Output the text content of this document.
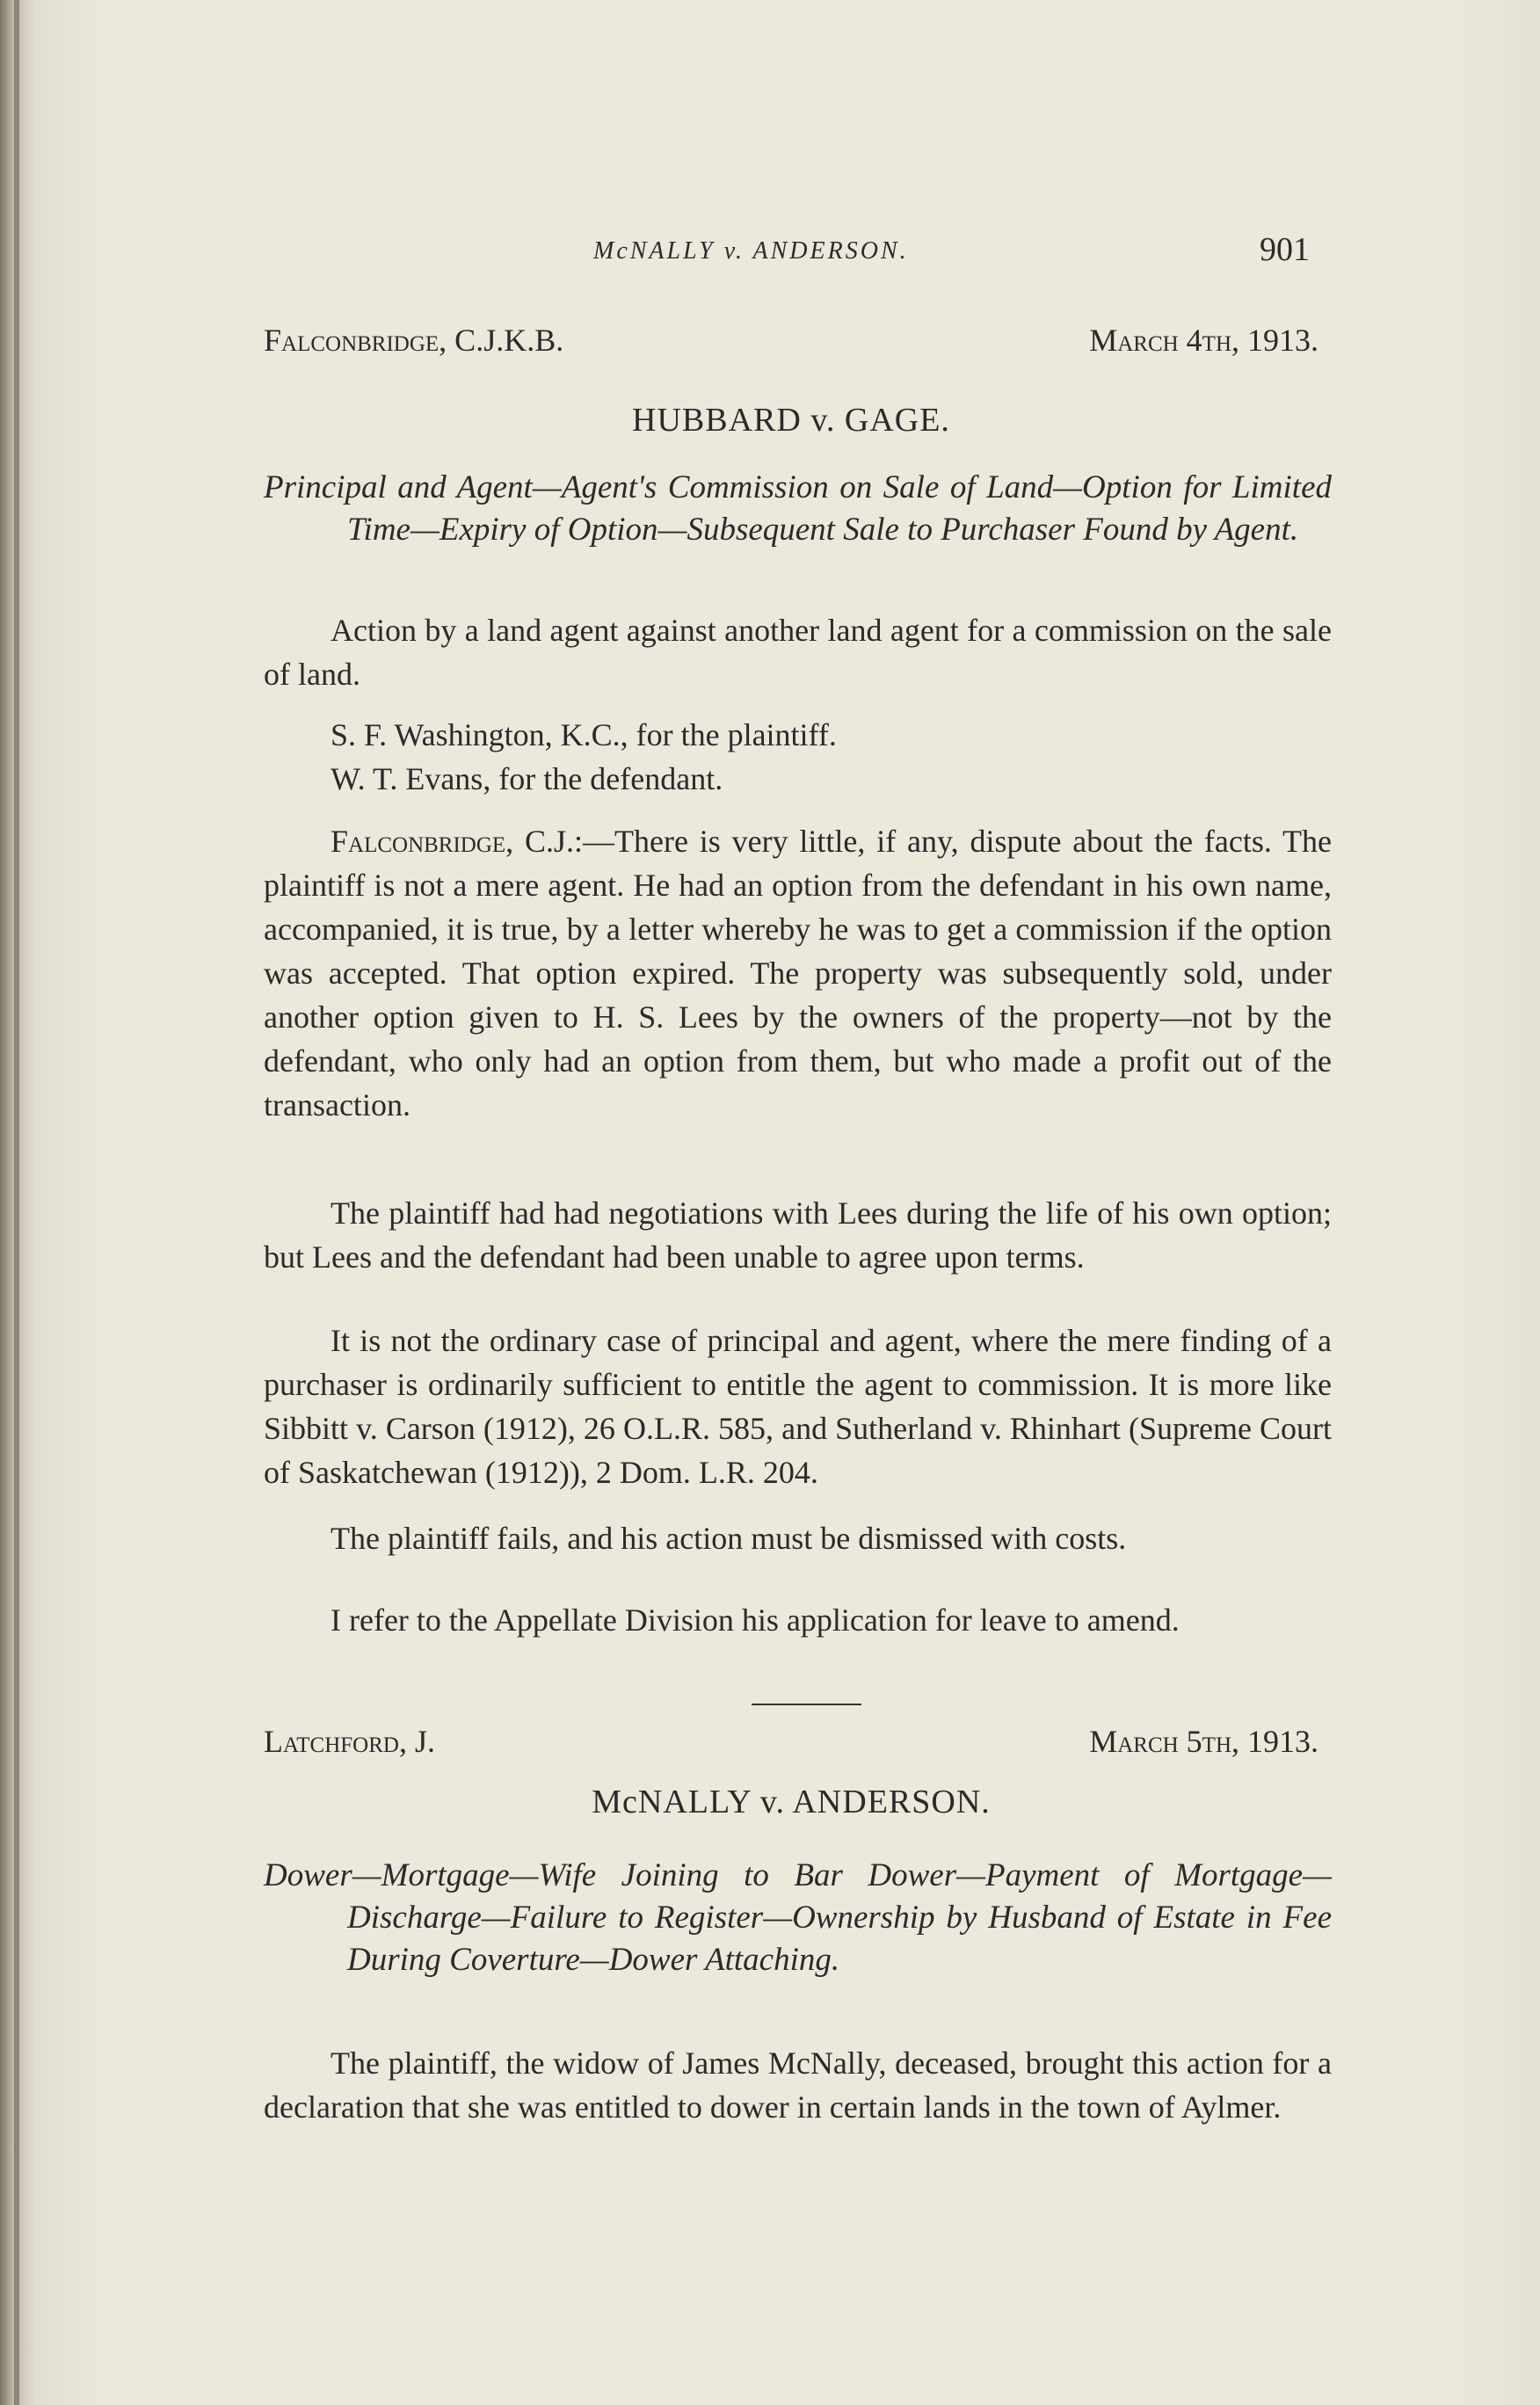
McNALLY v. ANDERSON.	901
Falconbridge, C.J.K.B.	March 4th, 1913.
HUBBARD v. GAGE.
Principal and Agent—Agent's Commission on Sale of Land—Option for Limited Time—Expiry of Option—Subsequent Sale to Purchaser Found by Agent.
Action by a land agent against another land agent for a commission on the sale of land.
S. F. Washington, K.C., for the plaintiff.
W. T. Evans, for the defendant.
Falconbridge, C.J.:—There is very little, if any, dispute about the facts. The plaintiff is not a mere agent. He had an option from the defendant in his own name, accompanied, it is true, by a letter whereby he was to get a commission if the option was accepted. That option expired. The property was subsequently sold, under another option given to H. S. Lees by the owners of the property—not by the defendant, who only had an option from them, but who made a profit out of the transaction.
The plaintiff had had negotiations with Lees during the life of his own option; but Lees and the defendant had been unable to agree upon terms.
It is not the ordinary case of principal and agent, where the mere finding of a purchaser is ordinarily sufficient to entitle the agent to commission. It is more like Sibbitt v. Carson (1912), 26 O.L.R. 585, and Sutherland v. Rhinhart (Supreme Court of Saskatchewan (1912)), 2 Dom. L.R. 204.
The plaintiff fails, and his action must be dismissed with costs.
I refer to the Appellate Division his application for leave to amend.
Latchford, J.	March 5th, 1913.
McNALLY v. ANDERSON.
Dower—Mortgage—Wife Joining to Bar Dower—Payment of Mortgage—Discharge—Failure to Register—Ownership by Husband of Estate in Fee During Coverture—Dower Attaching.
The plaintiff, the widow of James McNally, deceased, brought this action for a declaration that she was entitled to dower in certain lands in the town of Aylmer.
